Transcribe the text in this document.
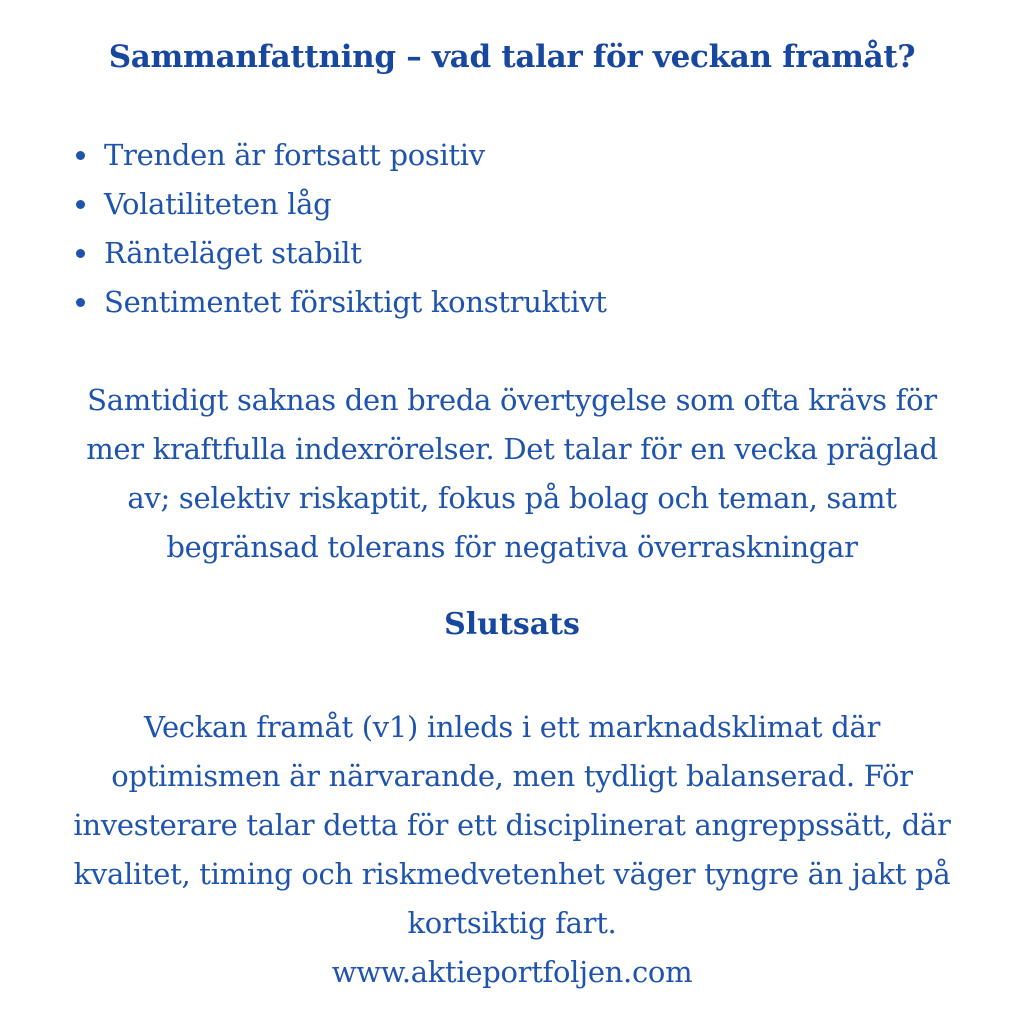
Sammanfattning – vad talar för veckan framåt?
Trenden är fortsatt positiv
Volatiliteten låg
Ränteläget stabilt
Sentimentet försiktigt konstruktivt
Samtidigt saknas den breda övertygelse som ofta krävs för
mer kraftfulla indexrörelser. Det talar för en vecka präglad
av; selektiv riskaptit, fokus på bolag och teman, samt
begränsad tolerans för negativa överraskningar
Slutsats
Veckan framåt (v1) inleds i ett marknadsklimat där
optimismen är närvarande, men tydligt balanserad. För
investerare talar detta för ett disciplinerat angreppssätt, där
kvalitet, timing och riskmedvetenhet väger tyngre än jakt på
kortsiktig fart.
www.aktieportfoljen.com
